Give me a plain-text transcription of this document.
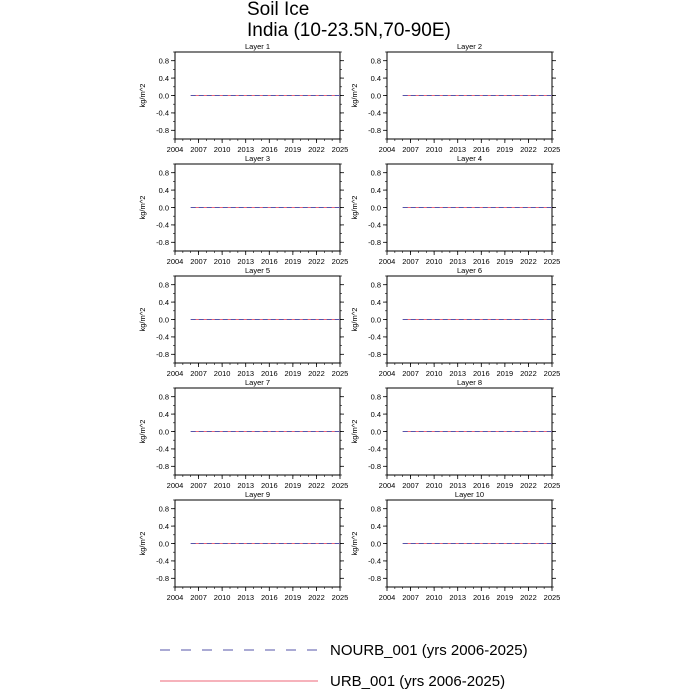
Soil Ice
India (10-23.5N,70-90E)
Layer 1
0.8
0.4
0.0
-0.4
-0.8
2004 2007 2010 2013 2016 2019 2022 2025
kg/m^2
Layer 2
0.8
0.4
0.0
-0.4
-0.8
2004 2007 2010 2013 2016 2019 2022 2025
kg/m^2
Layer 3
0.8
0.4
0.0
-0.4
-0.8
2004 2007 2010 2013 2016 2019 2022 2025
kg/m^2
Layer 4
0.8
0.4
0.0
-0.4
-0.8
2004 2007 2010 2013 2016 2019 2022 2025
kg/m^2
Layer 5
0.8
0.4
0.0
-0.4
-0.8
2004 2007 2010 2013 2016 2019 2022 2025
kg/m^2
Layer 6
0.8
0.4
0.0
-0.4
-0.8
2004 2007 2010 2013 2016 2019 2022 2025
kg/m^2
Layer 7
0.8
0.4
0.0
-0.4
-0.8
2004 2007 2010 2013 2016 2019 2022 2025
kg/m^2
Layer 8
0.8
0.4
0.0
-0.4
-0.8
2004 2007 2010 2013 2016 2019 2022 2025
kg/m^2
Layer 9
0.8
0.4
0.0
-0.4
-0.8
2004 2007 2010 2013 2016 2019 2022 2025
kg/m^2
Layer 10
0.8
0.4
0.0
-0.4
-0.8
2004 2007 2010 2013 2016 2019 2022 2025
kg/m^2
NOURB_001 (yrs 2006-2025)
URB_001 (yrs 2006-2025)
